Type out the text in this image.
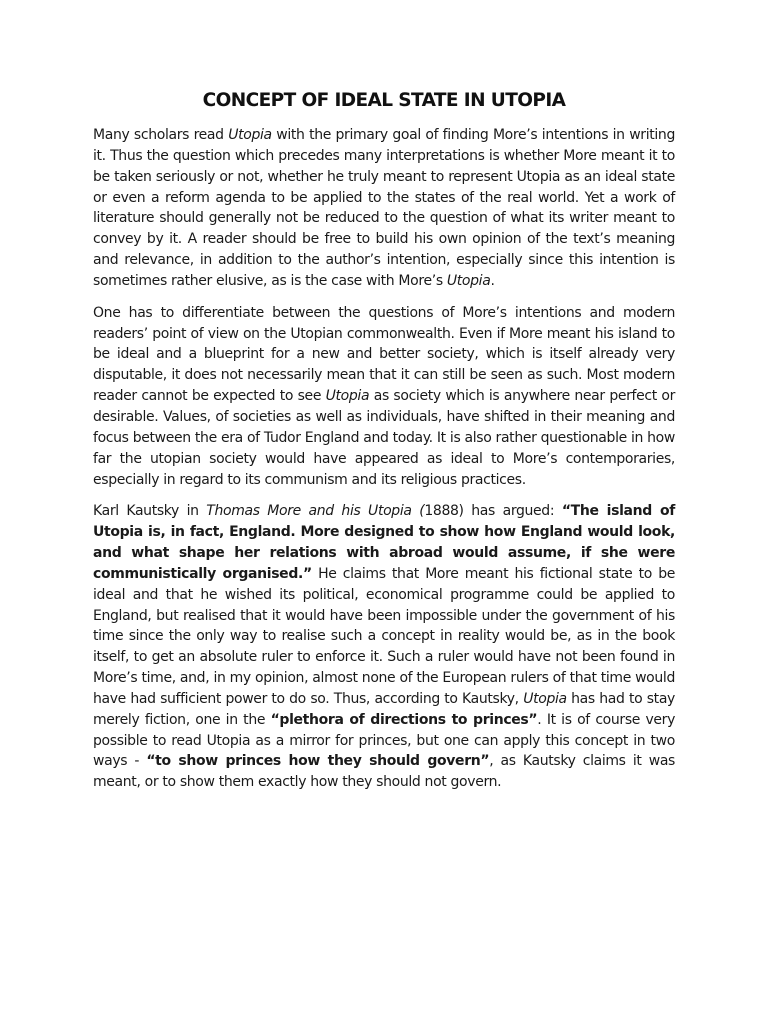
CONCEPT OF IDEAL STATE IN UTOPIA

Many scholars read Utopia with the primary goal of finding More’s intentions in writing it. Thus the question which precedes many interpretations is whether More meant it to be taken seriously or not, whether he truly meant to represent Utopia as an ideal state or even a reform agenda to be applied to the states of the real world. Yet a work of literature should generally not be reduced to the question of what its writer meant to convey by it. A reader should be free to build his own opinion of the text’s meaning and relevance, in addition to the author’s intention, especially since this intention is sometimes rather elusive, as is the case with More’s Utopia.

One has to differentiate between the questions of More’s intentions and modern readers’ point of view on the Utopian commonwealth. Even if More meant his island to be ideal and a blueprint for a new and better society, which is itself already very disputable, it does not necessarily mean that it can still be seen as such. Most modern reader cannot be expected to see Utopia as society which is anywhere near perfect or desirable. Values, of societies as well as individuals, have shifted in their meaning and focus between the era of Tudor England and today. It is also rather questionable in how far the utopian society would have appeared as ideal to More’s contemporaries, especially in regard to its communism and its religious practices.

Karl Kautsky in Thomas More and his Utopia (1888) has argued: “The island of Utopia is, in fact, England. More designed to show how England would look, and what shape her relations with abroad would assume, if she were communistically organised.” He claims that More meant his fictional state to be ideal and that he wished its political, economical programme could be applied to England, but realised that it would have been impossible under the government of his time since the only way to realise such a concept in reality would be, as in the book itself, to get an absolute ruler to enforce it. Such a ruler would have not been found in More’s time, and, in my opinion, almost none of the European rulers of that time would have had sufficient power to do so. Thus, according to Kautsky, Utopia has had to stay merely fiction, one in the “plethora of directions to princes”. It is of course very possible to read Utopia as a mirror for princes, but one can apply this concept in two ways - “to show princes how they should govern”, as Kautsky claims it was meant, or to show them exactly how they should not govern.
